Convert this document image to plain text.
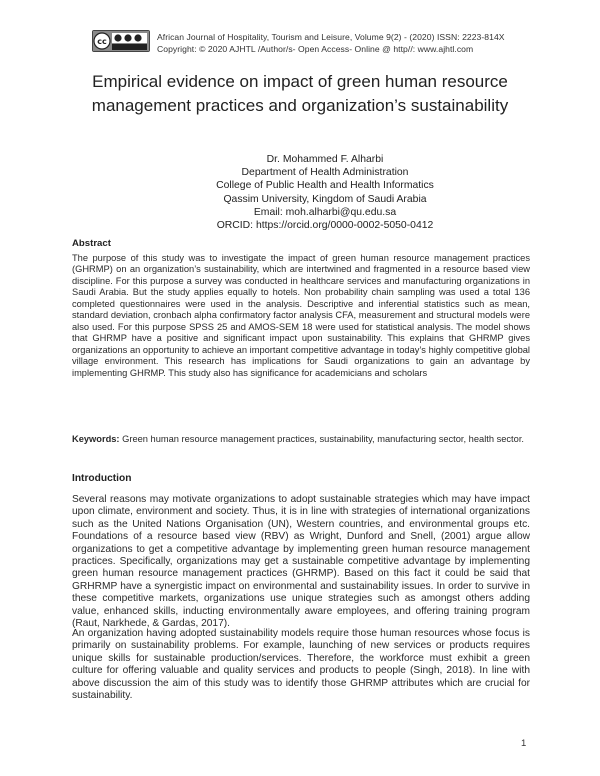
cc	African Journal of Hospitality, Tourism and Leisure, Volume 9(2) - (2020) ISSN: 2223-814X
Copyright: © 2020 AJHTL /Author/s- Open Access- Online @ http//: www.ajhtl.com
Empirical evidence on impact of green human resource management practices and organization’s sustainability
Dr. Mohammed F. Alharbi
Department of Health Administration
College of Public Health and Health Informatics
Qassim University, Kingdom of Saudi Arabia
Email: moh.alharbi@qu.edu.sa
ORCID: https://orcid.org/0000-0002-5050-0412
Abstract
The purpose of this study was to investigate the impact of green human resource management practices (GHRMP) on an organization’s sustainability, which are intertwined and fragmented in a resource based view discipline. For this purpose a survey was conducted in healthcare services and manufacturing organizations in Saudi Arabia. But the study applies equally to hotels. Non probability chain sampling was used a total 136 completed questionnaires were used in the analysis. Descriptive and inferential statistics such as mean, standard deviation, cronbach alpha confirmatory factor analysis CFA, measurement and structural models were also used. For this purpose SPSS 25 and AMOS-SEM 18 were used for statistical analysis. The model shows that GHRMP have a positive and significant impact upon sustainability. This explains that GHRMP gives organizations an opportunity to achieve an important competitive advantage in today’s highly competitive global village environment. This research has implications for Saudi organizations to gain an advantage by implementing GHRMP. This study also has significance for academicians and scholars
Keywords: Green human resource management practices, sustainability, manufacturing sector, health sector.
Introduction
Several reasons may motivate organizations to adopt sustainable strategies which may have impact upon climate, environment and society. Thus, it is in line with strategies of international organizations such as the United Nations Organisation (UN), Western countries, and environmental groups etc. Foundations of a resource based view (RBV) as Wright, Dunford and Snell, (2001) argue allow organizations to get a competitive advantage by implementing green human resource management practices. Specifically, organizations may get a sustainable competitive advantage by implementing green human resource management practices (GHRMP). Based on this fact it could be said that GRHRMP have a synergistic impact on environmental and sustainability issues. In order to survive in these competitive markets, organizations use unique strategies such as amongst others adding value, enhanced skills, inducting environmentally aware employees, and offering training program (Raut, Narkhede, & Gardas, 2017).
An organization having adopted sustainability models require those human resources whose focus is primarily on sustainability problems. For example, launching of new services or products requires unique skills for sustainable production/services. Therefore, the workforce must exhibit a green culture for offering valuable and quality services and products to people (Singh, 2018). In line with above discussion the aim of this study was to identify those GHRMP attributes which are crucial for sustainability.
1
